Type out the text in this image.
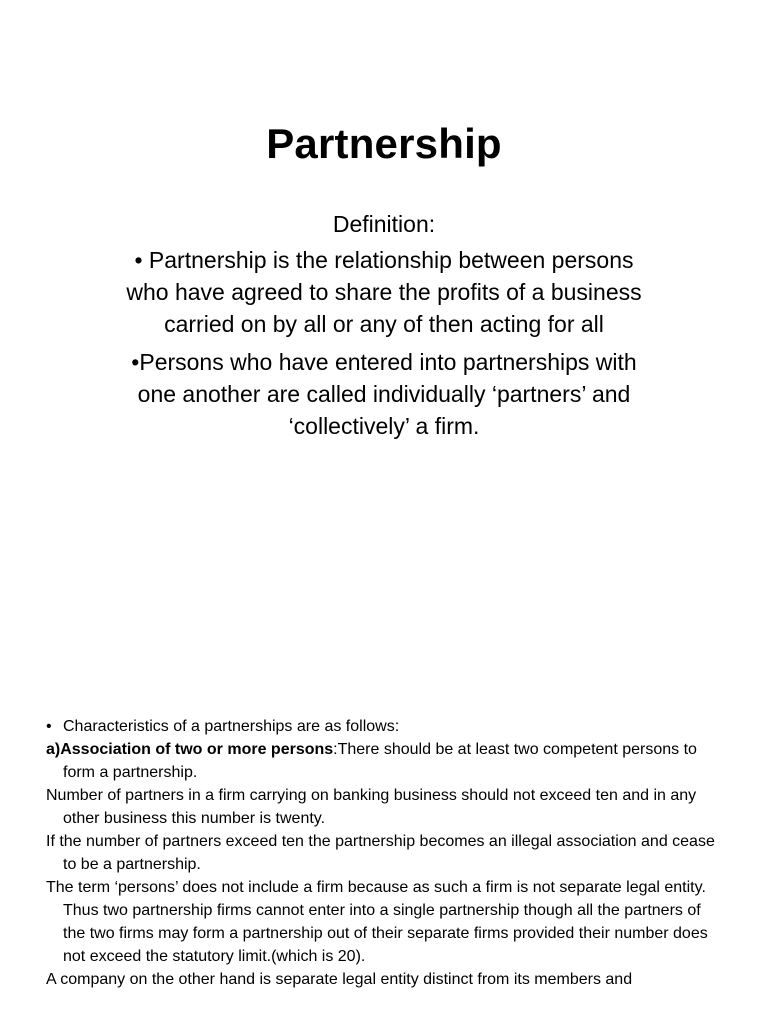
Partnership

Definition:

• Partnership is the relationship between persons who have agreed to share the profits of a business carried on by all or any of then acting for all

•Persons who have entered into partnerships with one another are called individually ‘partners’ and ‘collectively’ a firm.

• Characteristics of a partnerships are as follows:

a)Association of two or more persons:There should be at least two competent persons to form a partnership.

Number of partners in a firm carrying on banking business should not exceed ten and in any other business this number is twenty.

If the number of partners exceed ten the partnership becomes an illegal association and cease to be a partnership.

The term ‘persons’ does not include a firm because as such a firm is not separate legal entity. Thus two partnership firms cannot enter into a single partnership though all the partners of the two firms may form a partnership out of their separate firms provided their number does not exceed the statutory limit.(which is 20).

A company on the other hand is separate legal entity distinct from its members and
